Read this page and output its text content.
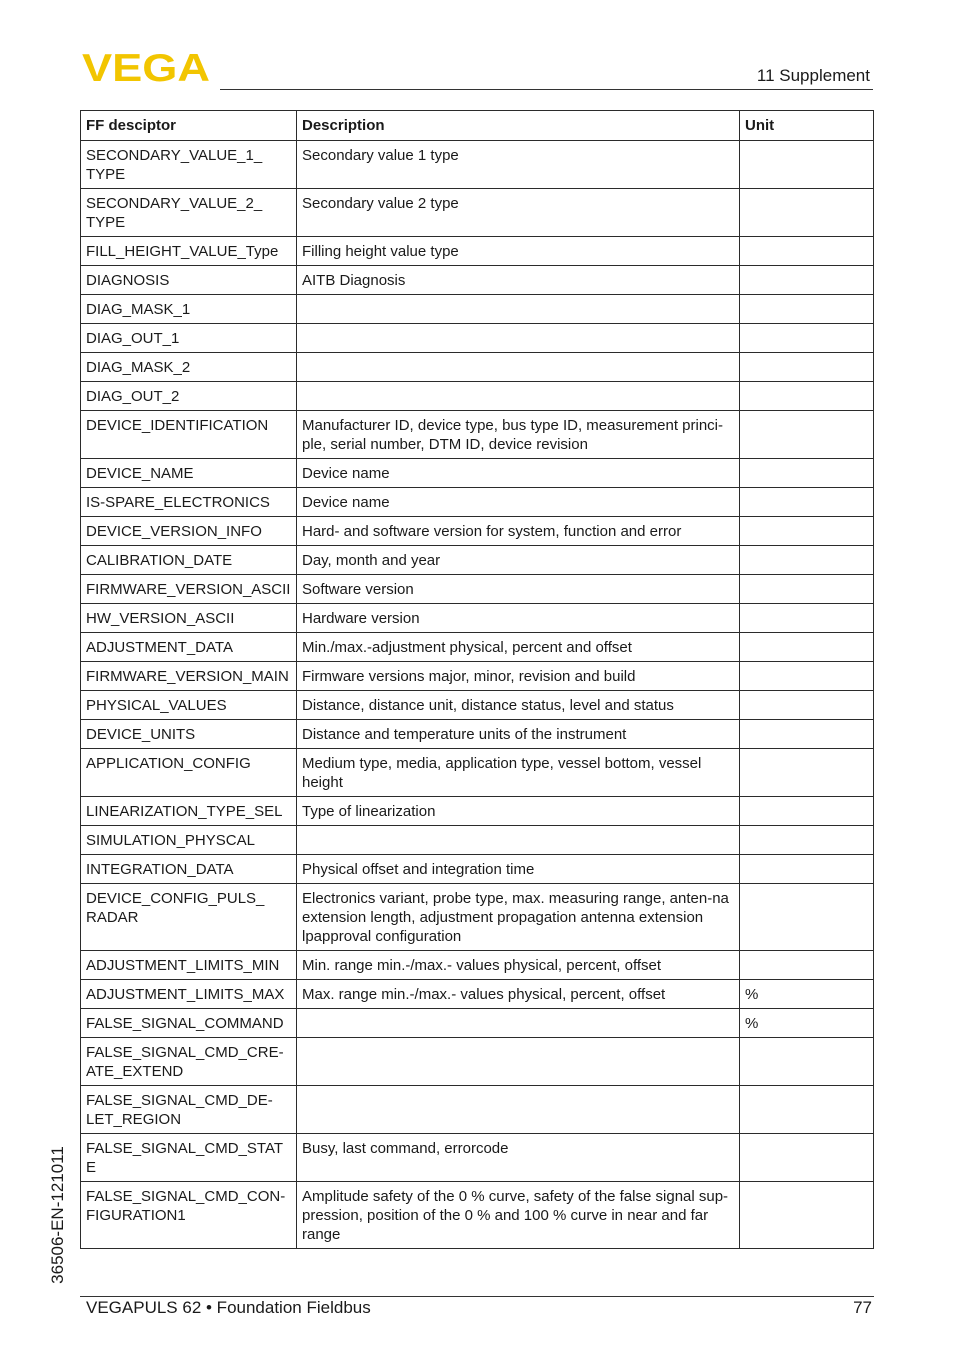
VEGA	11 Supplement
FF desciptor	Description	Unit
SECONDARY_VALUE_1_ TYPE	Secondary value 1 type	
SECONDARY_VALUE_2_ TYPE	Secondary value 2 type	
FILL_HEIGHT_VALUE_Type	Filling height value type	
DIAGNOSIS	AITB Diagnosis	
DIAG_MASK_1		
DIAG_OUT_1		
DIAG_MASK_2		
DIAG_OUT_2		
DEVICE_IDENTIFICATION	Manufacturer ID, device type, bus type ID, measurement princi-ple, serial number, DTM ID, device revision	
DEVICE_NAME	Device name	
IS-SPARE_ELECTRONICS	Device name	
DEVICE_VERSION_INFO	Hard- and software version for system, function and error	
CALIBRATION_DATE	Day, month and year	
FIRMWARE_VERSION_ASCII	Software version	
HW_VERSION_ASCII	Hardware version	
ADJUSTMENT_DATA	Min./max.-adjustment physical, percent and offset	
FIRMWARE_VERSION_MAIN	Firmware versions major, minor, revision and build	
PHYSICAL_VALUES	Distance, distance unit, distance status, level and status	
DEVICE_UNITS	Distance and temperature units of the instrument	
APPLICATION_CONFIG	Medium type, media, application type, vessel bottom, vessel height	
LINEARIZATION_TYPE_SEL	Type of linearization	
SIMULATION_PHYSCAL		
INTEGRATION_DATA	Physical offset and integration time	
DEVICE_CONFIG_PULS_ RADAR	Electronics variant, probe type, max. measuring range, anten-na extension length, adjustment propagation antenna extension lpapproval configuration	
ADJUSTMENT_LIMITS_MIN	Min. range min.-/max.- values physical, percent, offset	
ADJUSTMENT_LIMITS_MAX	Max. range min.-/max.- values physical, percent, offset	%
FALSE_SIGNAL_COMMAND		%
FALSE_SIGNAL_CMD_CRE-ATE_EXTEND		
FALSE_SIGNAL_CMD_DE-LET_REGION		
FALSE_SIGNAL_CMD_STATE	Busy, last command, errorcode	
FALSE_SIGNAL_CMD_CON-FIGURATION1	Amplitude safety of the 0 % curve, safety of the false signal sup-pression, position of the 0 % and 100 % curve in near and far range	
36506-EN-121011
VEGAPULS 62 • Foundation Fieldbus	77
